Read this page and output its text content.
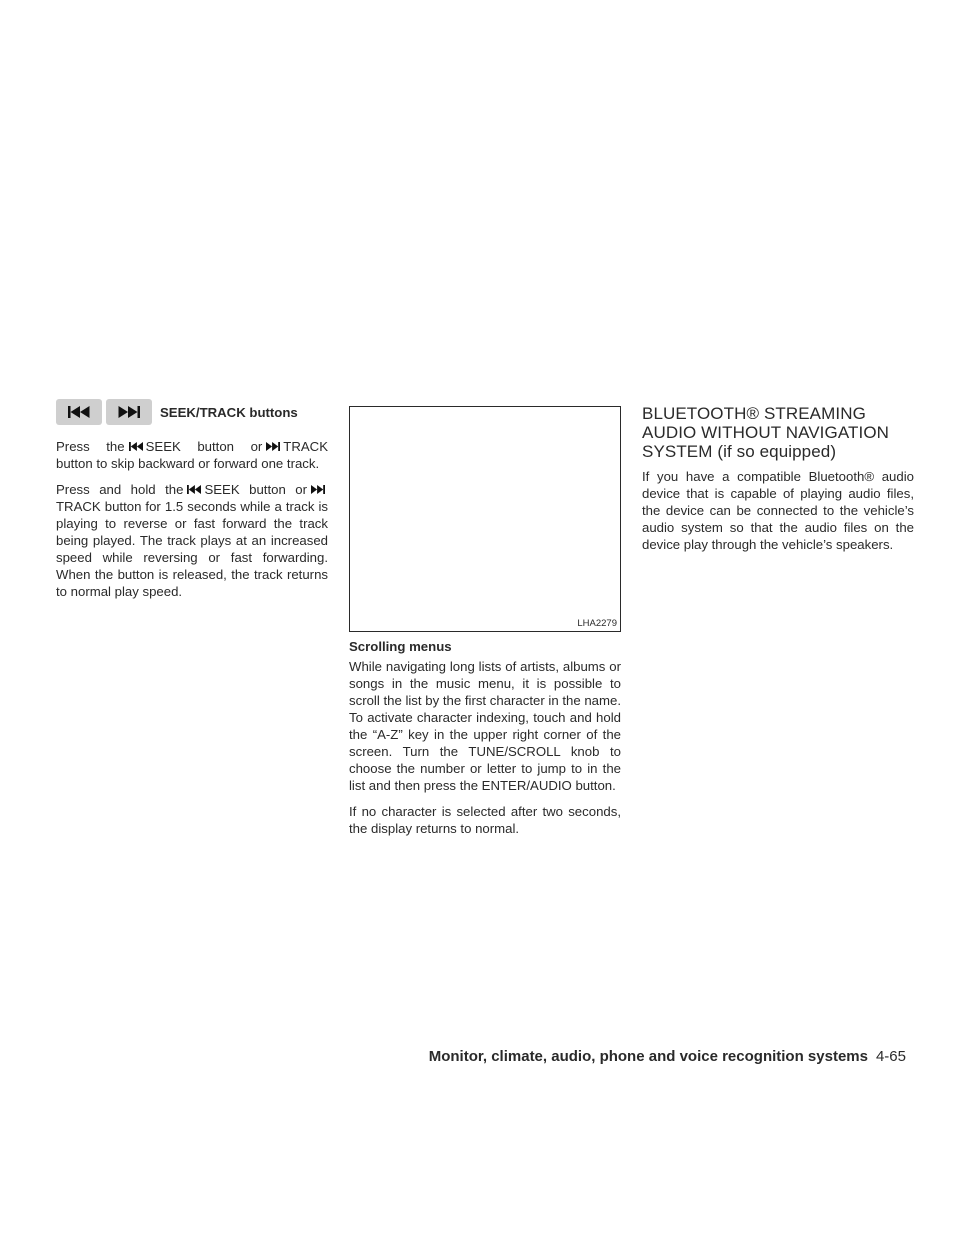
SEEK/TRACK buttons

Press the SEEK button or TRACK button to skip backward or forward one track.

Press and hold the SEEK button orTRACK button for 1.5 seconds while a track is playing to reverse or fast forward the track being played. The track plays at an increased speed while reversing or fast forwarding. When the button is released, the track returns to normal play speed.

LHA2279
Scrolling menus

While navigating long lists of artists, albums or songs in the music menu, it is possible to scroll the list by the first character in the name. To activate character indexing, touch and hold the “A-Z” key in the upper right corner of the screen. Turn the TUNE/SCROLL knob to choose the number or letter to jump to in the list and then press the ENTER/AUDIO button.

If no character is selected after two seconds, the display returns to normal.

BLUETOOTH® STREAMING AUDIO WITHOUT NAVIGATION SYSTEM (if so equipped)

If you have a compatible Bluetooth® audio device that is capable of playing audio files, the device can be connected to the vehicle’s audio system so that the audio files on the device play through the vehicle’s speakers.

Monitor, climate, audio, phone and voice recognition systems 4-65
